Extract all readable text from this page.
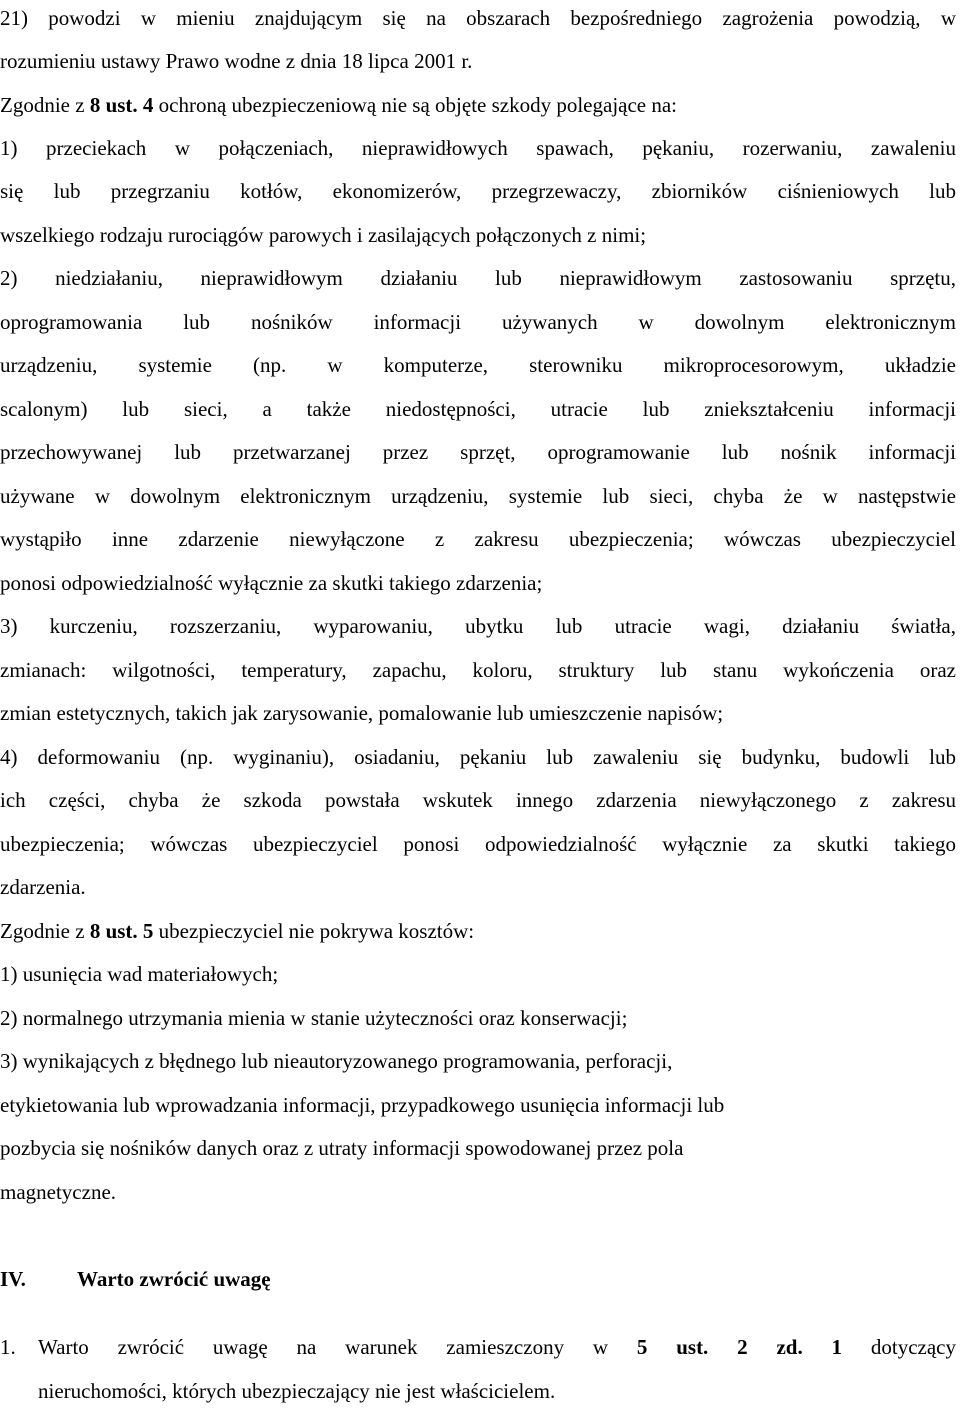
21) powodzi w mieniu znajdującym się na obszarach bezpośredniego zagrożenia powodzią, w
rozumieniu ustawy Prawo wodne z dnia 18 lipca 2001 r.
Zgodnie z 8 ust. 4 ochroną ubezpieczeniową nie są objęte szkody polegające na:
1) przeciekach w połączeniach, nieprawidłowych spawach, pękaniu, rozerwaniu, zawaleniu
się lub przegrzaniu kotłów, ekonomizerów, przegrzewaczy, zbiorników ciśnieniowych lub
wszelkiego rodzaju rurociągów parowych i zasilających połączonych z nimi;
2) niedziałaniu, nieprawidłowym działaniu lub nieprawidłowym zastosowaniu sprzętu,
oprogramowania lub nośników informacji używanych w dowolnym elektronicznym
urządzeniu, systemie (np. w komputerze, sterowniku mikroprocesorowym, układzie
scalonym) lub sieci, a także niedostępności, utracie lub zniekształceniu informacji
przechowywanej lub przetwarzanej przez sprzęt, oprogramowanie lub nośnik informacji
używane w dowolnym elektronicznym urządzeniu, systemie lub sieci, chyba że w następstwie
wystąpiło inne zdarzenie niewyłączone z zakresu ubezpieczenia; wówczas ubezpieczyciel
ponosi odpowiedzialność wyłącznie za skutki takiego zdarzenia;
3) kurczeniu, rozszerzaniu, wyparowaniu, ubytku lub utracie wagi, działaniu światła,
zmianach: wilgotności, temperatury, zapachu, koloru, struktury lub stanu wykończenia oraz
zmian estetycznych, takich jak zarysowanie, pomalowanie lub umieszczenie napisów;
4) deformowaniu (np. wyginaniu), osiadaniu, pękaniu lub zawaleniu się budynku, budowli lub
ich części, chyba że szkoda powstała wskutek innego zdarzenia niewyłączonego z zakresu
ubezpieczenia; wówczas ubezpieczyciel ponosi odpowiedzialność wyłącznie za skutki takiego
zdarzenia.
Zgodnie z 8 ust. 5 ubezpieczyciel nie pokrywa kosztów:
1) usunięcia wad materiałowych;
2) normalnego utrzymania mienia w stanie użyteczności oraz konserwacji;
3) wynikających z błędnego lub nieautoryzowanego programowania, perforacji,
etykietowania lub wprowadzania informacji, przypadkowego usunięcia informacji lub
pozbycia się nośników danych oraz z utraty informacji spowodowanej przez pola
magnetyczne.
IV. Warto zwrócić uwagę
1.	Warto zwrócić uwagę na warunek zamieszczony w 5 ust. 2 zd. 1 dotyczący
nieruchomości, których ubezpieczający nie jest właścicielem.
